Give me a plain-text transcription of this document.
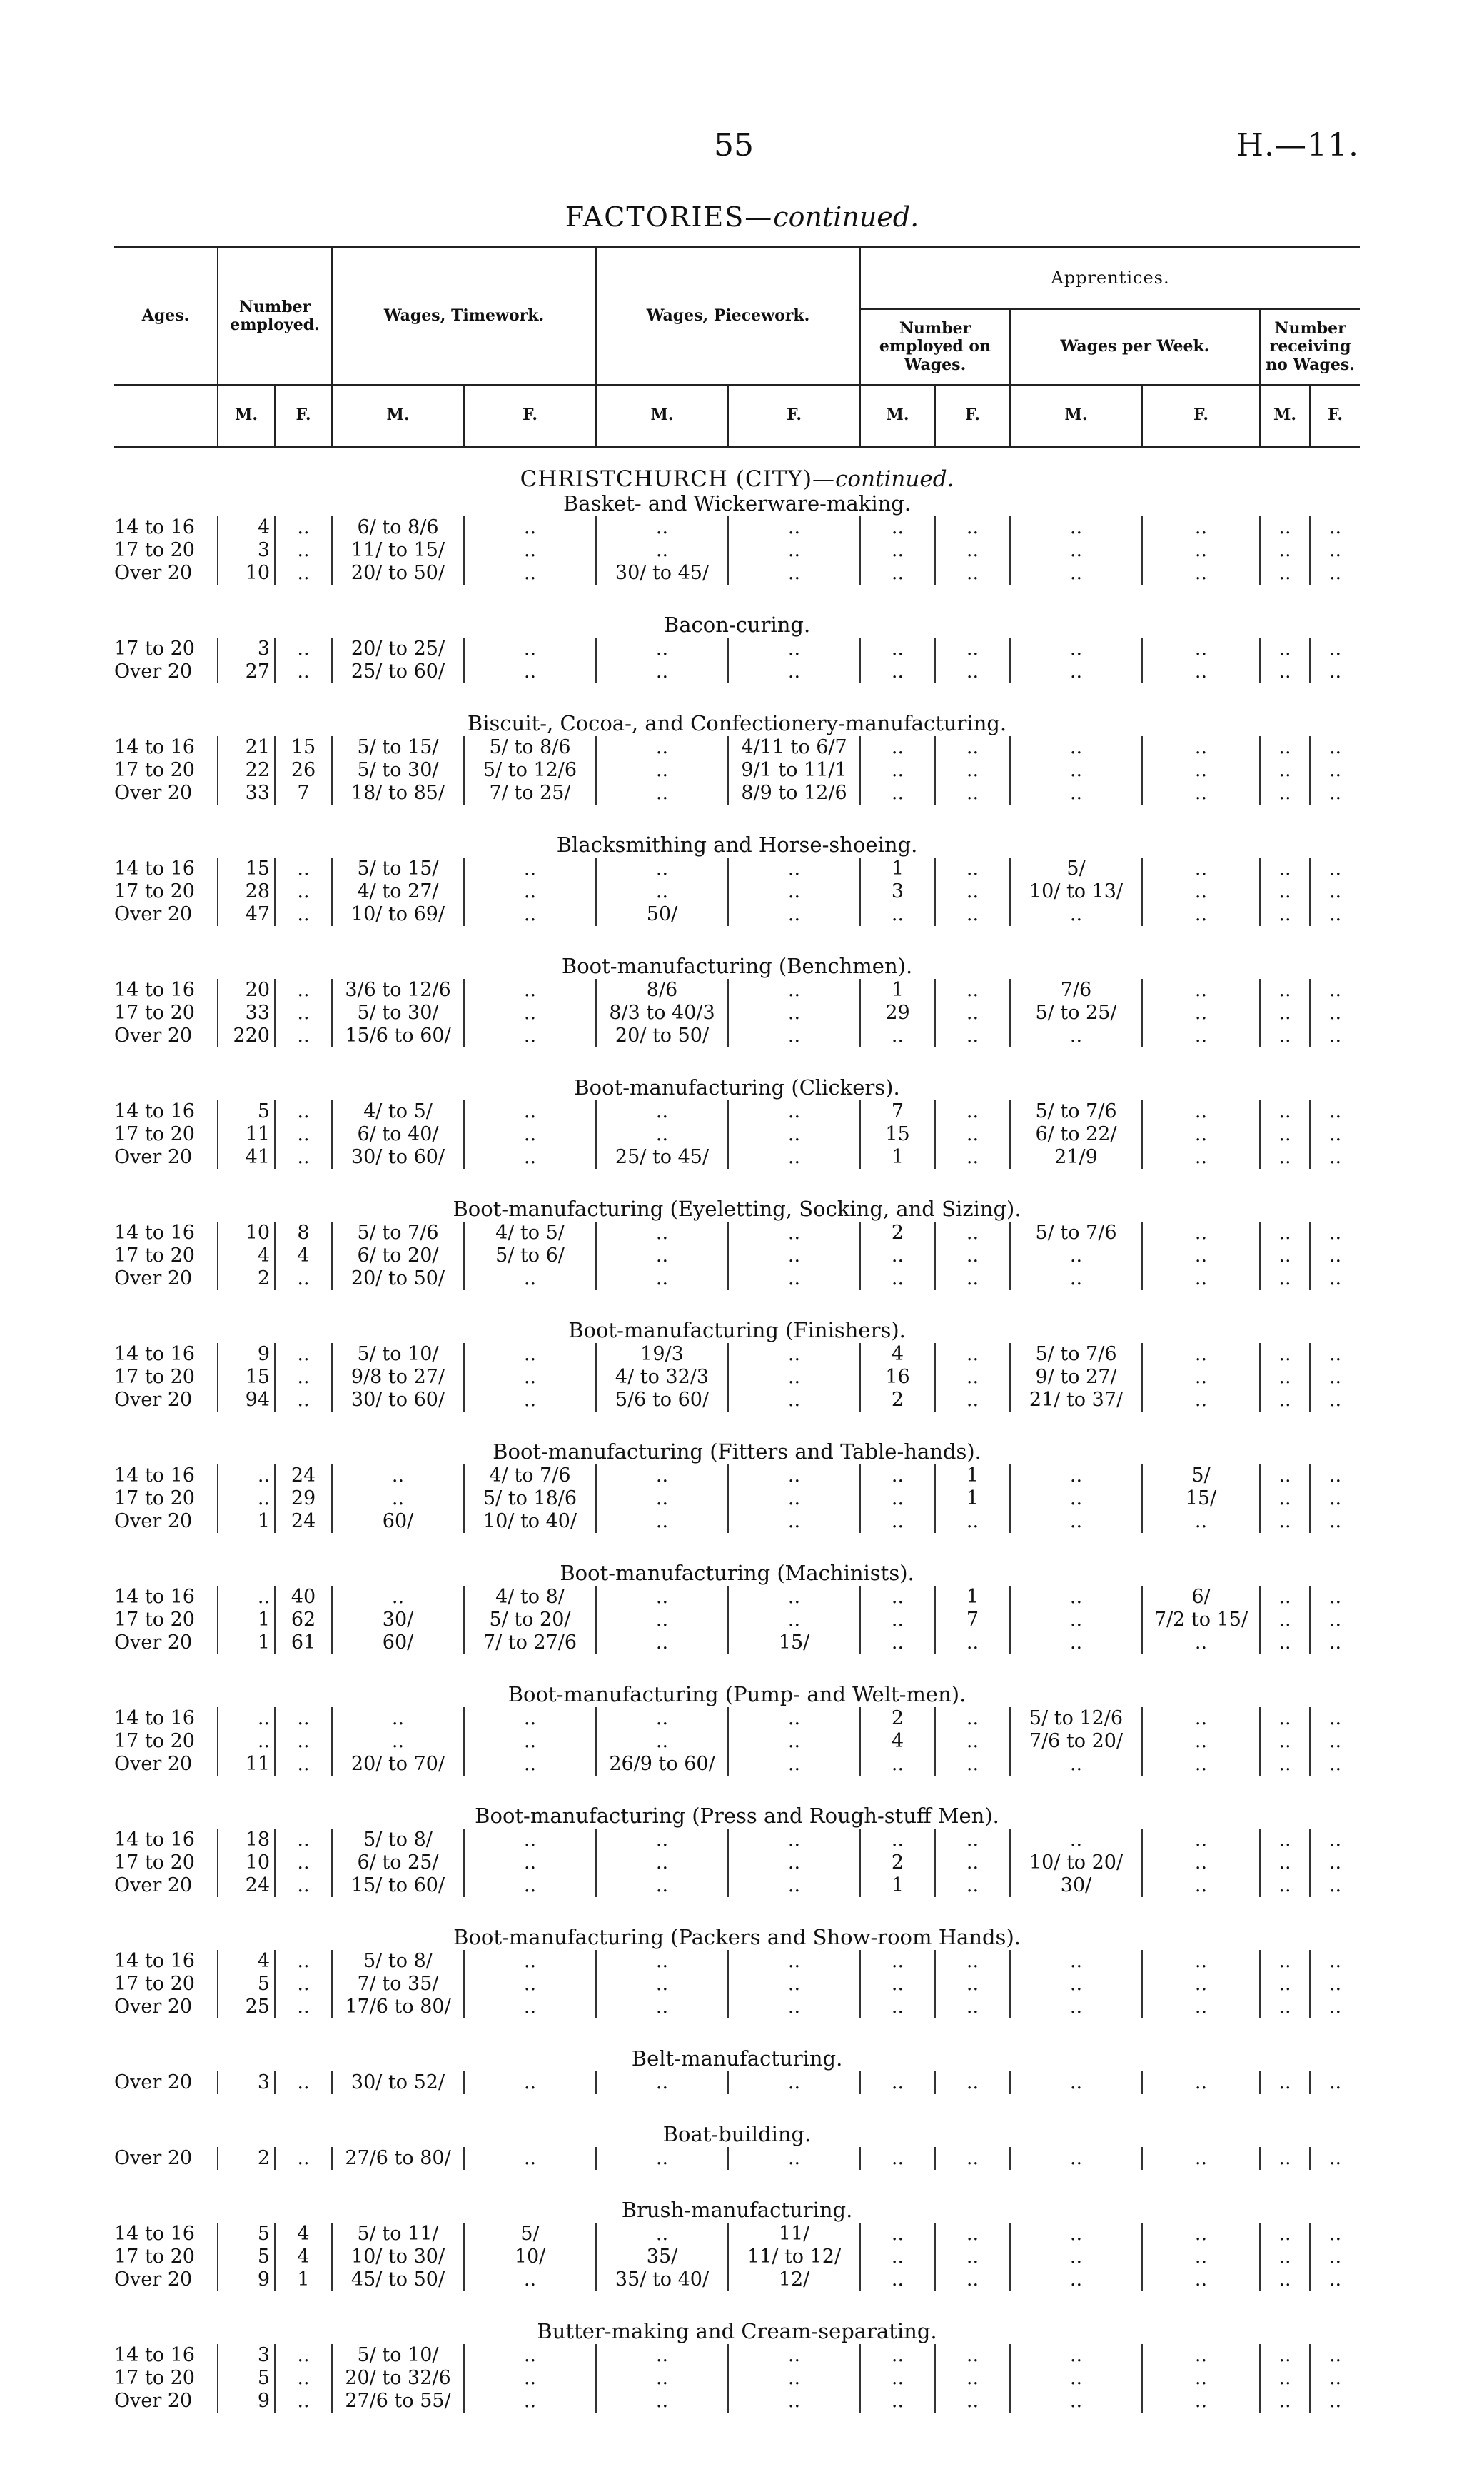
55	H.—11.
FACTORIES—continued.
Ages.	Number employed.		Wages, Timework.		Wages, Piecework.		Apprentices.					
							Number employed on Wages.		Wages per Week.		Number receiving no Wages.	
	M.	F.	M.	F.	M.	F.	M.	F.	M.	F.	M.	F.
CHRISTCHURCH (CITY)—continued.												
Basket- and Wickerware-making.												
14 to 16	4	..	6/ to 8/6	..	..	..	..	..	..	..	..	..
17 to 20	3	..	11/ to 15/	..	..	..	..	..	..	..	..	..
Over 20	10	..	20/ to 50/	..	30/ to 45/	..	..	..	..	..	..	..
Bacon-curing.												
17 to 20	3	..	20/ to 25/	..	..	..	..	..	..	..	..	..
Over 20	27	..	25/ to 60/	..	..	..	..	..	..	..	..	..
Biscuit-, Cocoa-, and Confectionery-manufacturing.												
14 to 16	21	15	5/ to 15/	5/ to 8/6	..	4/11 to 6/7	..	..	..	..	..	..
17 to 20	22	26	5/ to 30/	5/ to 12/6	..	9/1 to 11/1	..	..	..	..	..	..
Over 20	33	7	18/ to 85/	7/ to 25/	..	8/9 to 12/6	..	..	..	..	..	..
Blacksmithing and Horse-shoeing.												
14 to 16	15	..	5/ to 15/	..	..	..	1	..	5/	..	..	..
17 to 20	28	..	4/ to 27/	..	..	..	3	..	10/ to 13/	..	..	..
Over 20	47	..	10/ to 69/	..	50/	..	..	..	..	..	..	..
Boot-manufacturing (Benchmen).												
14 to 16	20	..	3/6 to 12/6	..	8/6	..	1	..	7/6	..	..	..
17 to 20	33	..	5/ to 30/	..	8/3 to 40/3	..	29	..	5/ to 25/	..	..	..
Over 20	220	..	15/6 to 60/	..	20/ to 50/	..	..	..	..	..	..	..
Boot-manufacturing (Clickers).												
14 to 16	5	..	4/ to 5/	..	..	..	7	..	5/ to 7/6	..	..	..
17 to 20	11	..	6/ to 40/	..	..	..	15	..	6/ to 22/	..	..	..
Over 20	41	..	30/ to 60/	..	25/ to 45/	..	1	..	21/9	..	..	..
Boot-manufacturing (Eyeletting, Socking, and Sizing).												
14 to 16	10	8	5/ to 7/6	4/ to 5/	..	..	2	..	5/ to 7/6	..	..	..
17 to 20	4	4	6/ to 20/	5/ to 6/	..	..	..	..	..	..	..	..
Over 20	2	..	20/ to 50/	..	..	..	..	..	..	..	..	..
Boot-manufacturing (Finishers).												
14 to 16	9	..	5/ to 10/	..	19/3	..	4	..	5/ to 7/6	..	..	..
17 to 20	15	..	9/8 to 27/	..	4/ to 32/3	..	16	..	9/ to 27/	..	..	..
Over 20	94	..	30/ to 60/	..	5/6 to 60/	..	2	..	21/ to 37/	..	..	..
Boot-manufacturing (Fitters and Table-hands).												
14 to 16	..	24	..	4/ to 7/6	..	..	..	1	..	5/	..	..
17 to 20	..	29	..	5/ to 18/6	..	..	..	1	..	15/	..	..
Over 20	1	24	60/	10/ to 40/	..	..	..	..	..	..	..	..
Boot-manufacturing (Machinists).												
14 to 16	..	40	..	4/ to 8/	..	..	..	1	..	6/	..	..
17 to 20	1	62	30/	5/ to 20/	..	..	..	7	..	7/2 to 15/	..	..
Over 20	1	61	60/	7/ to 27/6	..	15/	..	..	..	..	..	..
Boot-manufacturing (Pump- and Welt-men).												
14 to 16	..	..	..	..	..	..	2	..	5/ to 12/6	..	..	..
17 to 20	..	..	..	..	..	..	4	..	7/6 to 20/	..	..	..
Over 20	11	..	20/ to 70/	..	26/9 to 60/	..	..	..	..	..	..	..
Boot-manufacturing (Press and Rough-stuff Men).												
14 to 16	18	..	5/ to 8/	..	..	..	..	..	..	..	..	..
17 to 20	10	..	6/ to 25/	..	..	..	2	..	10/ to 20/	..	..	..
Over 20	24	..	15/ to 60/	..	..	..	1	..	30/	..	..	..
Boot-manufacturing (Packers and Show-room Hands).												
14 to 16	4	..	5/ to 8/	..	..	..	..	..	..	..	..	..
17 to 20	5	..	7/ to 35/	..	..	..	..	..	..	..	..	..
Over 20	25	..	17/6 to 80/	..	..	..	..	..	..	..	..	..
Belt-manufacturing.												
Over 20	3	..	30/ to 52/	..	..	..	..	..	..	..	..	..
Boat-building.												
Over 20	2	..	27/6 to 80/	..	..	..	..	..	..	..	..	..
Brush-manufacturing.												
14 to 16	5	4	5/ to 11/	5/	..	11/	..	..	..	..	..	..
17 to 20	5	4	10/ to 30/	10/	35/	11/ to 12/	..	..	..	..	..	..
Over 20	9	1	45/ to 50/	..	35/ to 40/	12/	..	..	..	..	..	..
Butter-making and Cream-separating.												
14 to 16	3	..	5/ to 10/	..	..	..	..	..	..	..	..	..
17 to 20	5	..	20/ to 32/6	..	..	..	..	..	..	..	..	..
Over 20	9	..	27/6 to 55/	..	..	..	..	..	..	..	..	..
